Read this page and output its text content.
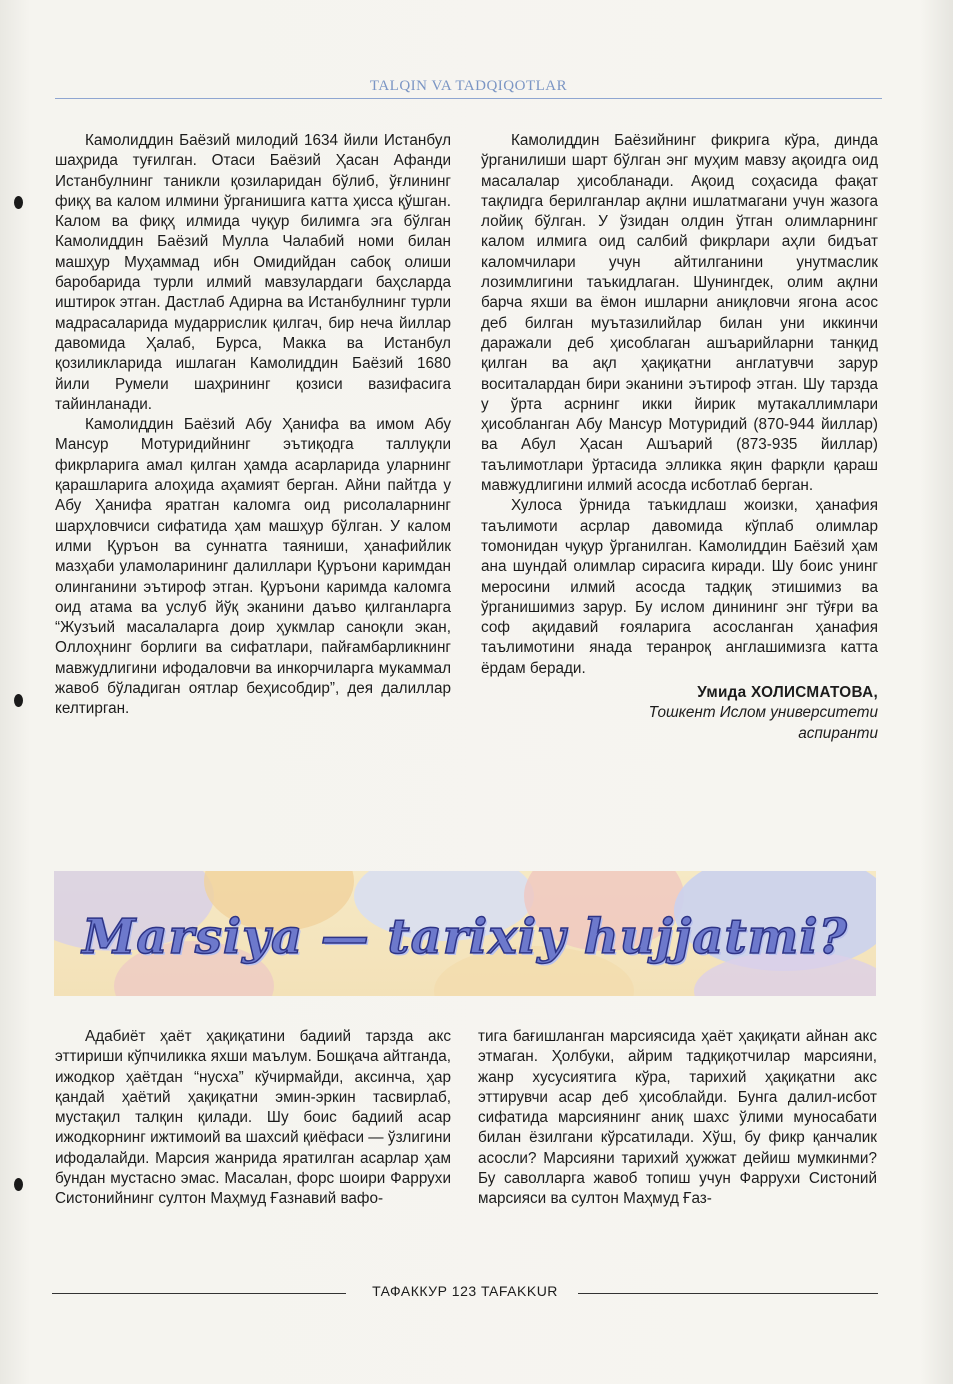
TALQIN VA TADQIQOTLAR

Камолиддин Баёзий милодий 1634 йили Истанбул шаҳрида туғилган. Отаси Баёзий Ҳасан Афанди Истанбулнинг таникли қозиларидан бўлиб, ўғлининг фиқҳ ва калом илмини ўрганишига катта ҳисса қўшган. Калом ва фиқҳ илмида чуқур билимга эга бўлган Камолиддин Баёзий Мулла Чалабий номи билан машҳур Муҳаммад ибн Омидийдан сабоқ олиши баробарида турли илмий мавзулардаги баҳсларда иштирок этган. Дастлаб Адирна ва Истанбулнинг турли мадрасаларида мударрислик қилгач, бир неча йиллар давомида Ҳалаб, Бурса, Макка ва Истанбул қозиликларида ишлаган Камолиддин Баёзий 1680 йили Румели шаҳрининг қозиси вазифасига тайинланади.

Камолиддин Баёзий Абу Ҳанифа ва имом Абу Мансур Мотуридийнинг эътиқодга таллуқли фикрларига амал қилган ҳамда асарларида уларнинг қарашларига алоҳида аҳамият берган. Айни пайтда у Абу Ҳанифа яратган каломга оид рисолаларнинг шарҳловчиси сифатида ҳам машҳур бўлган. У калом илми Қуръон ва суннатга таяниши, ҳанафийлик мазҳаби уламоларининг далиллари Қуръони каримдан олинганини эътироф этган. Қуръони каримда каломга оид атама ва услуб йўқ эканини даъво қилганларга “Жузъий масалаларга доир ҳукмлар саноқли экан, Оллоҳнинг борлиги ва сифатлари, пайғамбарликнинг мавжудлигини ифодаловчи ва инкорчиларга мукаммал жавоб бўладиган оятлар беҳисобдир”, дея далиллар келтирган.

Камолиддин Баёзийнинг фикрига кўра, динда ўрганилиши шарт бўлган энг муҳим мавзу ақоидга оид масалалар ҳисобланади. Ақоид соҳасида фақат тақлидга берилганлар ақлни ишлатмагани учун жазога лойиқ бўлган. У ўзидан олдин ўтган олимларнинг калом илмига оид салбий фикрлари аҳли бидъат каломчилари учун айтилганини унутмаслик лозимлигини таъкидлаган. Шунингдек, олим ақлни барча яхши ва ёмон ишларни аниқловчи ягона асос деб билган муътазилийлар билан уни иккинчи даражали деб ҳисоблаган ашъарийларни танқид қилган ва ақл ҳақиқатни англатувчи зарур воситалардан бири эканини эътироф этган. Шу тарзда у ўрта асрнинг икки йирик мутакаллимлари ҳисобланган Абу Мансур Мотуридий (870-944 йиллар) ва Абул Ҳасан Ашъарий (873-935 йиллар) таълимотлари ўртасида элликка яқин фарқли қараш мавжудлигини илмий асосда исботлаб берган.

Хулоса ўрнида таъкидлаш жоизки, ҳанафия таълимоти асрлар давомида кўплаб олимлар томонидан чуқур ўрганилган. Камолиддин Баёзий ҳам ана шундай олимлар сирасига киради. Шу боис унинг меросини илмий асосда тадқиқ этишимиз ва ўрганишимиз зарур. Бу ислом динининг энг тўғри ва соф ақидавий ғояларига асосланган ҳанафия таълимотини янада теранроқ англашимизга катта ёрдам беради.

Умида ХОЛИСМАТОВА,
Тошкент Ислом университети
аспиранти
Marsiya — tarixiy hujjatmi?

Адабиёт ҳаёт ҳақиқатини бадиий тарзда акс эттириши кўпчиликка яхши маълум. Бошқача айтганда, ижодкор ҳаётдан “нусха” кўчирмайди, аксинча, ҳар қандай ҳаётий ҳақиқатни эмин-эркин тасвирлаб, мустақил талқин қилади. Шу боис бадиий асар ижодкорнинг ижтимоий ва шахсий қиёфаси — ўзлигини ифодалайди. Марсия жанрида яратилган асарлар ҳам бундан мустасно эмас. Масалан, форс шоири Фаррухи Систонийнинг султон Маҳмуд Ғазнавий вафо-

тига бағишланган марсиясида ҳаёт ҳақиқати айнан акс этмаган. Ҳолбуки, айрим тадқиқотчилар марсияни, жанр хусусиятига кўра, тарихий ҳақиқатни акс эттирувчи асар деб ҳисоблайди. Бунга далил-исбот сифатида марсиянинг аниқ шахс ўлими муносабати билан ёзилгани кўрсатилади. Хўш, бу фикр қанчалик асосли? Марсияни тарихий ҳужжат дейиш мумкинми? Бу саволларга жавоб топиш учун Фаррухи Систоний марсияси ва султон Маҳмуд Ғаз-

ТАФАККУР 123 TAFAKKUR
